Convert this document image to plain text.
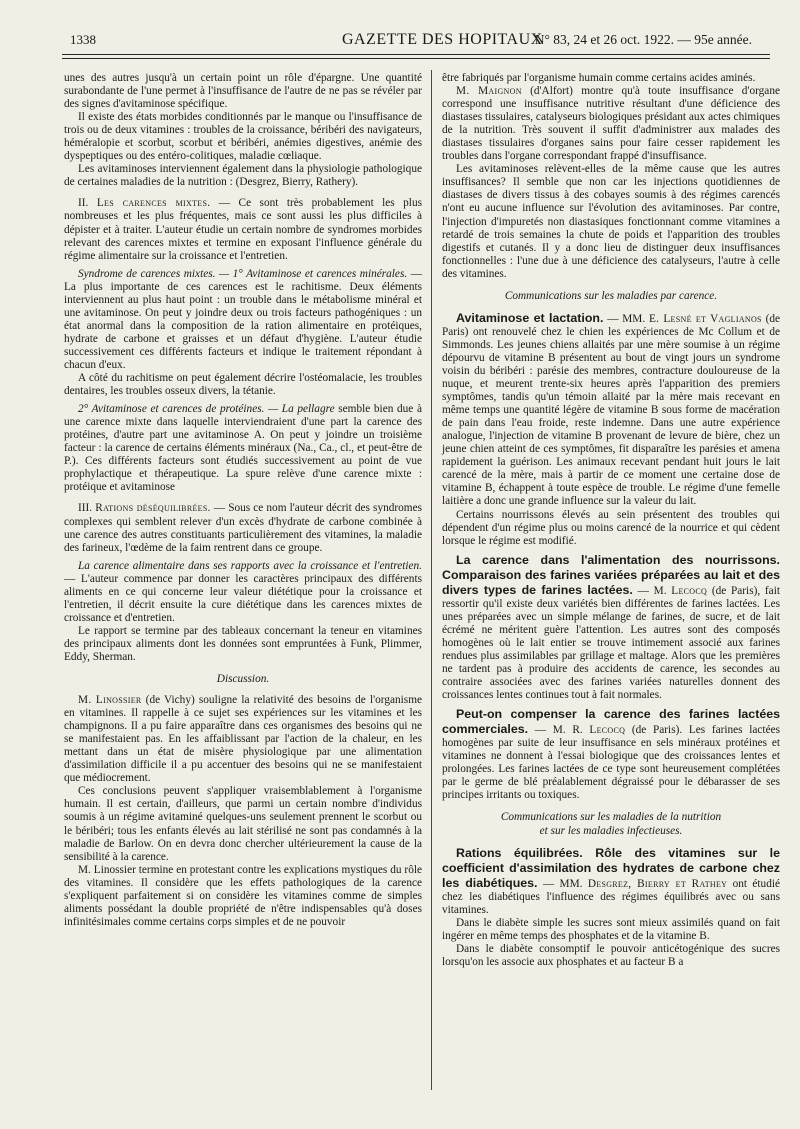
1338	GAZETTE DES HOPITAUX
N° 83, 24 et 26 oct. 1922. — 95e année.

unes des autres jusqu'à un certain point un rôle d'épargne. Une quantité surabondante de l'une permet à l'insuffisance de l'autre de ne pas se révéler par des signes d'avitaminose spécifique.

Il existe des états morbides conditionnés par le manque ou l'insuffisance de trois ou de deux vitamines : troubles de la croissance, béribéri des navigateurs, héméralopie et scorbut, scorbut et béribéri, anémies digestives, anémie des dyspeptiques ou des entéro-colitiques, maladie cœliaque.

Les avitaminoses interviennent également dans la physiologie pathologique de certaines maladies de la nutrition : (Desgrez, Bierry, Rathery).

II. Les carences mixtes. — Ce sont très probablement les plus nombreuses et les plus fréquentes, mais ce sont aussi les plus difficiles à dépister et à traiter. L'auteur étudie un certain nombre de syndromes morbides relevant des carences mixtes et termine en exposant l'influence générale du régime alimentaire sur la croissance et l'entretien.

Syndrome de carences mixtes. — 1° Avitaminose et carences minérales. — La plus importante de ces carences est le rachitisme. Deux éléments interviennent au plus haut point : un trouble dans le métabolisme minéral et une avitaminose. On peut y joindre deux ou trois facteurs pathogéniques : un état anormal dans la composition de la ration alimentaire en protéiques, hydrate de carbone et graisses et un défaut d'hygiène. L'auteur étudie successivement ces différents facteurs et indique le traitement répondant à chacun d'eux.

A côté du rachitisme on peut également décrire l'ostéomalacie, les troubles dentaires, les troubles osseux divers, la tétanie.

2° Avitaminose et carences de protéines. — La pellagre semble bien due à une carence mixte dans laquelle interviendraient d'une part la carence des protéines, d'autre part une avitaminose A. On peut y joindre un troisième facteur : la carence de certains éléments minéraux (Na., Ca., cl., et peut-être de P.). Ces différents facteurs sont étudiés successivement au point de vue prophylactique et thérapeutique. La spure relève d'une carence mixte : protéique et avitaminose

III. Rations déséquilibrées. — Sous ce nom l'auteur décrit des syndromes complexes qui semblent relever d'un excès d'hydrate de carbone combinée à une carence des autres constituants particulièrement des vitamines, la maladie des farineux, l'œdème de la faim rentrent dans ce groupe.

La carence alimentaire dans ses rapports avec la croissance et l'entretien. — L'auteur commence par donner les caractères principaux des différents aliments en ce qui concerne leur valeur diététique pour la croissance et l'entretien, il décrit ensuite la cure diététique dans les carences mixtes de croissance et d'entretien.

Le rapport se termine par des tableaux concernant la teneur en vitamines des principaux aliments dont les données sont empruntées à Funk, Plimmer, Eddy, Sherman.

Discussion.

M. Linossier (de Vichy) souligne la relativité des besoins de l'organisme en vitamines. Il rappelle à ce sujet ses expériences sur les vitamines et les champignons. Il a pu faire apparaître dans ces organismes des besoins qui ne se manifestaient pas. En les affaiblissant par l'action de la chaleur, en les mettant dans un état de misère physiologique par une alimentation d'assimilation difficile il a pu accentuer des besoins qui ne se manifestaient que médiocrement.

Ces conclusions peuvent s'appliquer vraisemblablement à l'organisme humain. Il est certain, d'ailleurs, que parmi un certain nombre d'individus soumis à un régime avitaminé quelques-uns seulement prennent le scorbut ou le béribéri; tous les enfants élevés au lait stérilisé ne sont pas condamnés à la maladie de Barlow. On en devra donc chercher ultérieurement la cause de la sensibilité à la carence.

M. Linossier termine en protestant contre les explications mystiques du rôle des vitamines. Il considère que les effets pathologiques de la carence s'expliquent parfaitement si on considère les vitamines comme de simples aliments possédant la double propriété de n'être indispensables qu'à doses infinitésimales comme certains corps simples et de ne pouvoir

être fabriqués par l'organisme humain comme certains acides aminés.

M. Maignon (d'Alfort) montre qu'à toute insuffisance d'organe correspond une insuffisance nutritive résultant d'une déficience des diastases tissulaires, catalyseurs biologiques présidant aux actes chimiques de la nutrition. Très souvent il suffit d'administrer aux malades des diastases tissulaires d'organes sains pour faire cesser rapidement les troubles dans l'organe correspondant frappé d'insuffisance.

Les avitaminoses relèvent-elles de la même cause que les autres insuffisances? Il semble que non car les injections quotidiennes de diastases de divers tissus à des cobayes soumis à des régimes carencés n'ont eu aucune influence sur l'évolution des avitaminoses. Par contre, l'injection d'impuretés non diastasiques fonctionnant comme vitamines a retardé de trois semaines la chute de poids et l'apparition des troubles digestifs et cutanés. Il y a donc lieu de distinguer deux insuffisances fonctionnelles : l'une due à une déficience des catalyseurs, l'autre à celle des vitamines.

Communications sur les maladies par carence.

Avitaminose et lactation. — MM. E. Lesné et Vaglianos (de Paris) ont renouvelé chez le chien les expériences de Mc Collum et de Simmonds. Les jeunes chiens allaités par une mère soumise à un régime dépourvu de vitamine B présentent au bout de vingt jours un syndrome voisin du béribéri : parésie des membres, contracture douloureuse de la nuque, et meurent trente-six heures après l'apparition des premiers symptômes, tandis qu'un témoin allaité par la mère mais recevant en même temps une quantité légère de vitamine B sous forme de macération de pain dans l'eau froide, reste indemne. Dans une autre expérience analogue, l'injection de vitamine B provenant de levure de bière, chez un jeune chien atteint de ces symptômes, fit disparaître les parésies et amena rapidement la guérison. Les animaux recevant pendant huit jours le lait carencé de la mère, mais à partir de ce moment une certaine dose de vitamine B, échappent à toute espèce de trouble. Le régime d'une femelle laitière a donc une grande influence sur la valeur du lait.

Certains nourrissons élevés au sein présentent des troubles qui dépendent d'un régime plus ou moins carencé de la nourrice et qui cèdent lorsque le régime est modifié.

La carence dans l'alimentation des nourrissons. Comparaison des farines variées préparées au lait et des divers types de farines lactées. — M. Lecocq (de Paris), fait ressortir qu'il existe deux variétés bien différentes de farines lactées. Les unes préparées avec un simple mélange de farines, de sucre, et de lait écrémé ne méritent guère l'attention. Les autres sont des composés homogènes où le lait entier se trouve intimement associé aux farines rendues plus assimilables par grillage et maltage. Alors que les premières ne tardent pas à produire des accidents de carence, les secondes au contraire associées avec des farines variées naturelles donnent des croissances lentes continues tout à fait normales.

Peut-on compenser la carence des farines lactées commerciales. — M. R. Lecocq (de Paris). Les farines lactées homogènes par suite de leur insuffisance en sels minéraux protéines et vitamines ne donnent à l'essai biologique que des croissances lentes et prolongées. Les farines lactées de ce type sont heureusement complétées par le germe de blé préalablement dégraissé pour le débarasser de ses principes irritants ou toxiques.

Communications sur les maladies de la nutrition

et sur les maladies infectieuses.

Rations équilibrées. Rôle des vitamines sur le coefficient d'assimilation des hydrates de carbone chez les diabétiques. — MM. Desgrez, Bierry et Rathey ont étudié chez les diabétiques l'influence des régimes équilibrés avec ou sans vitamines.

Dans le diabète simple les sucres sont mieux assimilés quand on fait ingérer en même temps des phosphates et de la vitamine B.

Dans le diabète consomptif le pouvoir anticétogénique des sucres lorsqu'on les associe aux phosphates et au facteur B a
